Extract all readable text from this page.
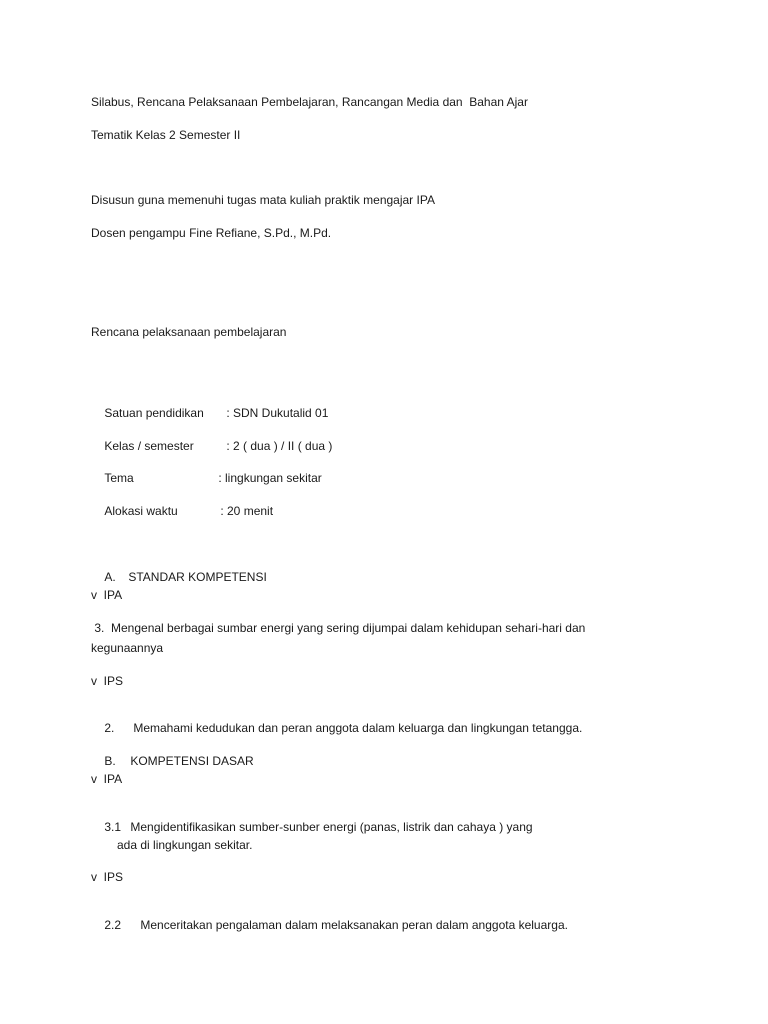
Silabus, Rencana Pelaksanaan Pembelajaran, Rancangan Media dan  Bahan Ajar
Tematik Kelas 2 Semester II
Disusun guna memenuhi tugas mata kuliah praktik mengajar IPA
Dosen pengampu Fine Refiane, S.Pd., M.Pd.
Rencana pelaksanaan pembelajaran

Satuan pendidikan : SDN Dukutalid 01

Kelas / semester	: 2 ( dua ) / II ( dua )

Tema	: lingkungan sekitar

Alokasi waktu	: 20 menit

A. STANDAR KOMPETENSI

v  IPA
3.  Mengenal berbagai sumbar energi yang sering dijumpai dalam kehidupan sehari-hari dan
kegunaannya
v  IPS

2. Memahami kedudukan dan peran anggota dalam keluarga dan lingkungan tetangga.

B. KOMPETENSI DASAR

v  IPA

3.1 Mengidentifikasikan sumber-sunber energi (panas, listrik dan cahaya ) yang

ada di lingkungan sekitar.
v  IPS

2.2 Menceritakan pengalaman dalam melaksanakan peran dalam anggota keluarga.
